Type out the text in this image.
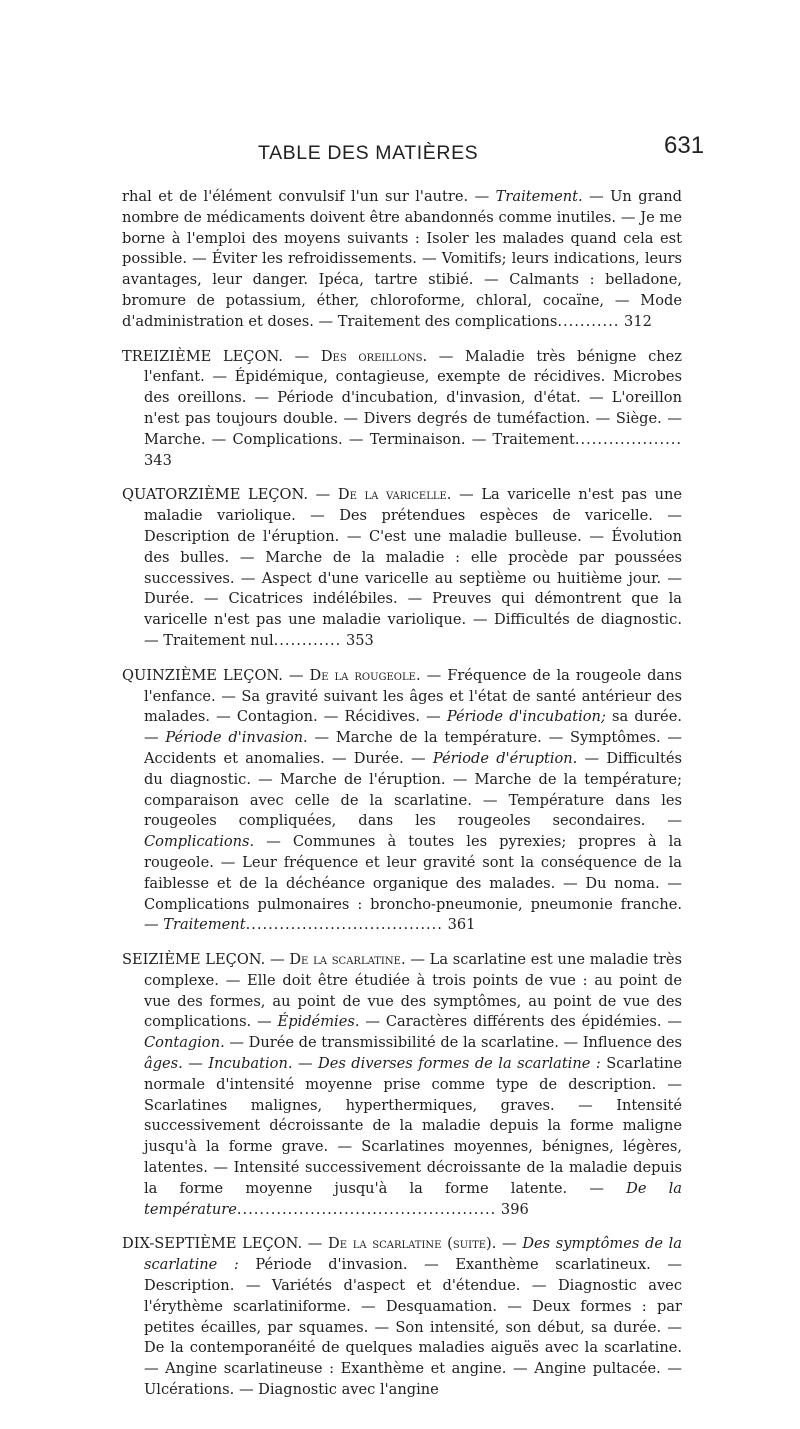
TABLE DES MATIÈRES	631

rhal et de l'élément convulsif l'un sur l'autre. — Traitement. — Un grand nombre de médicaments doivent être abandonnés comme inutiles. — Je me borne à l'emploi des moyens suivants : Isoler les malades quand cela est possible. — Éviter les refroidissements. — Vomitifs; leurs indications, leurs avantages, leur danger. Ipéca, tartre stibié. — Calmants : belladone, bromure de potassium, éther, chloroforme, chloral, cocaïne, — Mode d'administration et doses. — Traitement des complications........... 312

TREIZIÈME LEÇON. — Des oreillons. — Maladie très bénigne chez l'enfant. — Épidémique, contagieuse, exempte de récidives. Microbes des oreillons. — Période d'incubation, d'invasion, d'état. — L'oreillon n'est pas toujours double. — Divers degrés de tuméfaction. — Siège. — Marche. — Complications. — Terminaison. — Traitement................... 343

QUATORZIÈME LEÇON. — De la varicelle. — La varicelle n'est pas une maladie variolique. — Des prétendues espèces de varicelle. — Description de l'éruption. — C'est une maladie bulleuse. — Évolution des bulles. — Marche de la maladie : elle procède par poussées successives. — Aspect d'une varicelle au septième ou huitième jour. — Durée. — Cicatrices indélébiles. — Preuves qui démontrent que la varicelle n'est pas une maladie variolique. — Difficultés de diagnostic. — Traitement nul............ 353

QUINZIÈME LEÇON. — De la rougeole. — Fréquence de la rougeole dans l'enfance. — Sa gravité suivant les âges et l'état de santé antérieur des malades. — Contagion. — Récidives. — Période d'incubation; sa durée. — Période d'invasion. — Marche de la température. — Symptômes. — Accidents et anomalies. — Durée. — Période d'éruption. — Difficultés du diagnostic. — Marche de l'éruption. — Marche de la température; comparaison avec celle de la scarlatine. — Température dans les rougeoles compliquées, dans les rougeoles secondaires. — Complications. — Communes à toutes les pyrexies; propres à la rougeole. — Leur fréquence et leur gravité sont la conséquence de la faiblesse et de la déchéance organique des malades. — Du noma. — Complications pulmonaires : broncho-pneumonie, pneumonie franche. — Traitement................................... 361

SEIZIÈME LEÇON. — De la scarlatine. — La scarlatine est une maladie très complexe. — Elle doit être étudiée à trois points de vue : au point de vue des formes, au point de vue des symptômes, au point de vue des complications. — Épidémies. — Caractères différents des épidémies. — Contagion. — Durée de transmissibilité de la scarlatine. — Influence des âges. — Incubation. — Des diverses formes de la scarlatine : Scarlatine normale d'intensité moyenne prise comme type de description. — Scarlatines malignes, hyperthermiques, graves. — Intensité successivement décroissante de la maladie depuis la forme maligne jusqu'à la forme grave. — Scarlatines moyennes, bénignes, légères, latentes. — Intensité successivement décroissante de la maladie depuis la forme moyenne jusqu'à la forme latente. — De la température.............................................. 396

DIX-SEPTIÈME LEÇON. — De la scarlatine (suite). — Des symptômes de la scarlatine : Période d'invasion. — Exanthème scarlatineux. — Description. — Variétés d'aspect et d'étendue. — Diagnostic avec l'érythème scarlatiniforme. — Desquamation. — Deux formes : par petites écailles, par squames. — Son intensité, son début, sa durée. — De la contemporanéité de quelques maladies aiguës avec la scarlatine. — Angine scarlatineuse : Exanthème et angine. — Angine pultacée. — Ulcérations. — Diagnostic avec l'angine
